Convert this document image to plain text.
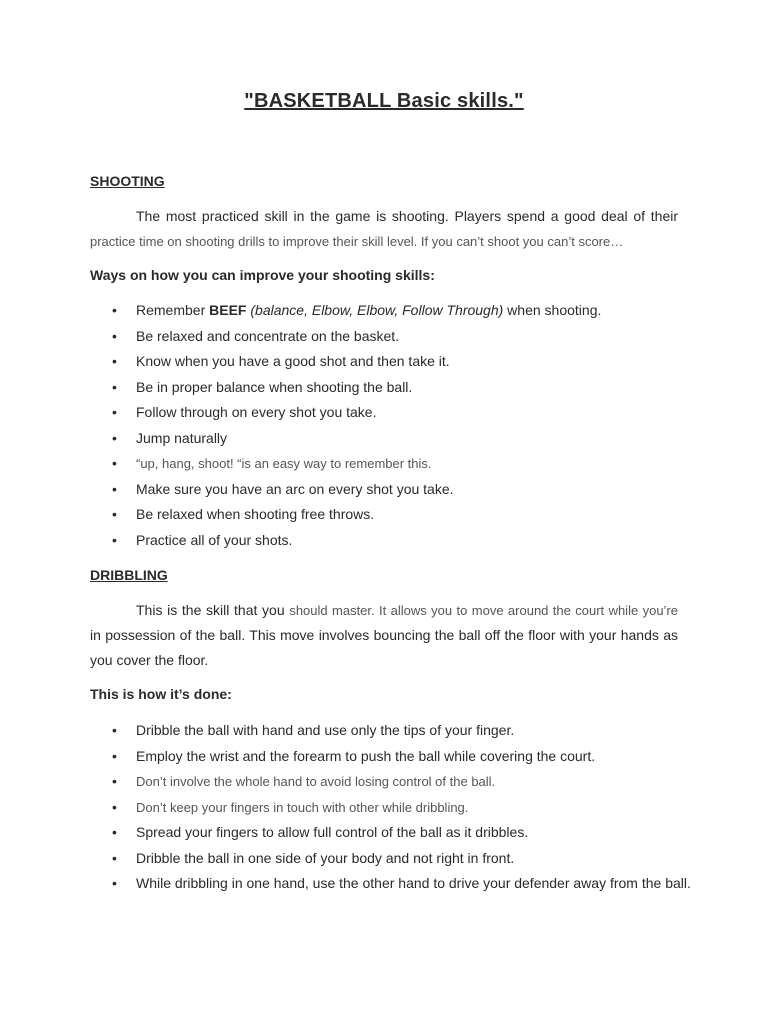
"BASKETBALL Basic skills."
SHOOTING
The most practiced skill in the game is shooting. Players spend a good deal of their practice time on shooting drills to improve their skill level. If you can’t shoot you can’t score…
Ways on how you can improve your shooting skills:
• Remember BEEF (balance, Elbow, Elbow, Follow Through) when shooting.
• Be relaxed and concentrate on the basket.
• Know when you have a good shot and then take it.
• Be in proper balance when shooting the ball.
• Follow through on every shot you take.
• Jump naturally
• “up, hang, shoot! “is an easy way to remember this.
• Make sure you have an arc on every shot you take.
• Be relaxed when shooting free throws.
• Practice all of your shots.
DRIBBLING
This is the skill that you should master. It allows you to move around the court while you’re in possession of the ball. This move involves bouncing the ball off the floor with your hands as you cover the floor.
This is how it’s done:
• Dribble the ball with hand and use only the tips of your finger.
• Employ the wrist and the forearm to push the ball while covering the court.
• Don’t involve the whole hand to avoid losing control of the ball.
• Don’t keep your fingers in touch with other while dribbling.
• Spread your fingers to allow full control of the ball as it dribbles.
• Dribble the ball in one side of your body and not right in front.
• While dribbling in one hand, use the other hand to drive your defender away from the ball.
